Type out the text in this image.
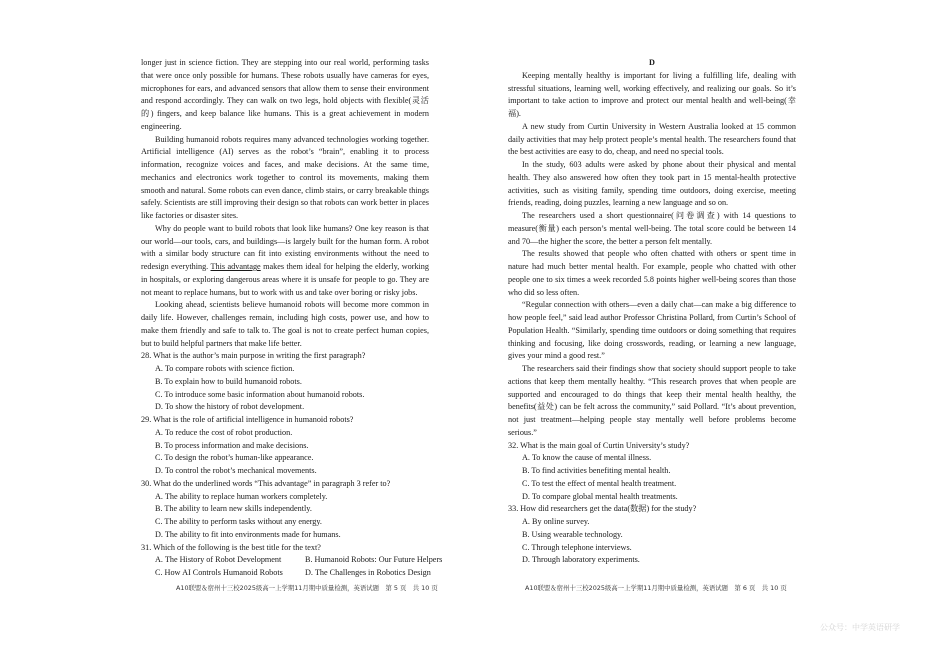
longer just in science fiction. They are stepping into our real world, performing tasks that were once only possible for humans. These robots usually have cameras for eyes, microphones for ears, and advanced sensors that allow them to sense their environment and respond accordingly. They can walk on two legs, hold objects with flexible(灵活的) fingers, and keep balance like humans. This is a great achievement in modern engineering.

Building humanoid robots requires many advanced technologies working together. Artificial intelligence (AI) serves as the robot’s “brain”, enabling it to process information, recognize voices and faces, and make decisions. At the same time, mechanics and electronics work together to control its movements, making them smooth and natural. Some robots can even dance, climb stairs, or carry breakable things safely. Scientists are still improving their design so that robots can work better in places like factories or disaster sites.

Why do people want to build robots that look like humans? One key reason is that our world—our tools, cars, and buildings—is largely built for the human form. A robot with a similar body structure can fit into existing environments without the need to redesign everything. This advantage makes them ideal for helping the elderly, working in hospitals, or exploring dangerous areas where it is unsafe for people to go. They are not meant to replace humans, but to work with us and take over boring or risky jobs.

Looking ahead, scientists believe humanoid robots will become more common in daily life. However, challenges remain, including high costs, power use, and how to make them friendly and safe to talk to. The goal is not to create perfect human copies, but to build helpful partners that make life better.

28. What is the author’s main purpose in writing the first paragraph?

A. To compare robots with science fiction.

B. To explain how to build humanoid robots.

C. To introduce some basic information about humanoid robots.

D. To show the history of robot development.

29. What is the role of artificial intelligence in humanoid robots?

A. To reduce the cost of robot production.

B. To process information and make decisions.

C. To design the robot’s human-like appearance.

D. To control the robot’s mechanical movements.

30. What do the underlined words “This advantage” in paragraph 3 refer to?

A. The ability to replace human workers completely.

B. The ability to learn new skills independently.

C. The ability to perform tasks without any energy.

D. The ability to fit into environments made for humans.

31. Which of the following is the best title for the text?

A. The History of Robot Development	B. Humanoid Robots: Our Future Helpers
C. How AI Controls Humanoid Robots	D. The Challenges in Robotics Design

D

Keeping mentally healthy is important for living a fulfilling life, dealing with stressful situations, learning well, working effectively, and realizing our goals. So it’s important to take action to improve and protect our mental health and well-being(幸福).

A new study from Curtin University in Western Australia looked at 15 common daily activities that may help protect people’s mental health. The researchers found that the best activities are easy to do, cheap, and need no special tools.

In the study, 603 adults were asked by phone about their physical and mental health. They also answered how often they took part in 15 mental-health protective activities, such as visiting family, spending time outdoors, doing exercise, meeting friends, reading, doing puzzles, learning a new language and so on.

The researchers used a short questionnaire(问卷调查) with 14 questions to measure(衡量) each person’s mental well-being. The total score could be between 14 and 70—the higher the score, the better a person felt mentally.

The results showed that people who often chatted with others or spent time in nature had much better mental health. For example, people who chatted with other people one to six times a week recorded 5.8 points higher well-being scores than those who did so less often.

“Regular connection with others—even a daily chat—can make a big difference to how people feel,” said lead author Professor Christina Pollard, from Curtin’s School of Population Health. “Similarly, spending time outdoors or doing something that requires thinking and focusing, like doing crosswords, reading, or learning a new language, gives your mind a good rest.”

The researchers said their findings show that society should support people to take actions that keep them mentally healthy. “This research proves that when people are supported and encouraged to do things that keep their mental health healthy, the benefits(益处) can be felt across the community,” said Pollard. “It’s about prevention, not just treatment—helping people stay mentally well before problems become serious.”

32. What is the main goal of Curtin University’s study?

A. To know the cause of mental illness.

B. To find activities benefiting mental health.

C. To test the effect of mental health treatment.

D. To compare global mental health treatments.

33. How did researchers get the data(数据) for the study?

A. By online survey.

B. Using wearable technology.

C. Through telephone interviews.

D. Through laboratory experiments.

A10联盟＆宿州十三校2025级高一上学期11月期中质量检测，英语试题　第 5 页　共 10 页	A10联盟＆宿州十三校2025级高一上学期11月期中质量检测，英语试题　第 6 页　共 10 页
公众号：中学英语研学
